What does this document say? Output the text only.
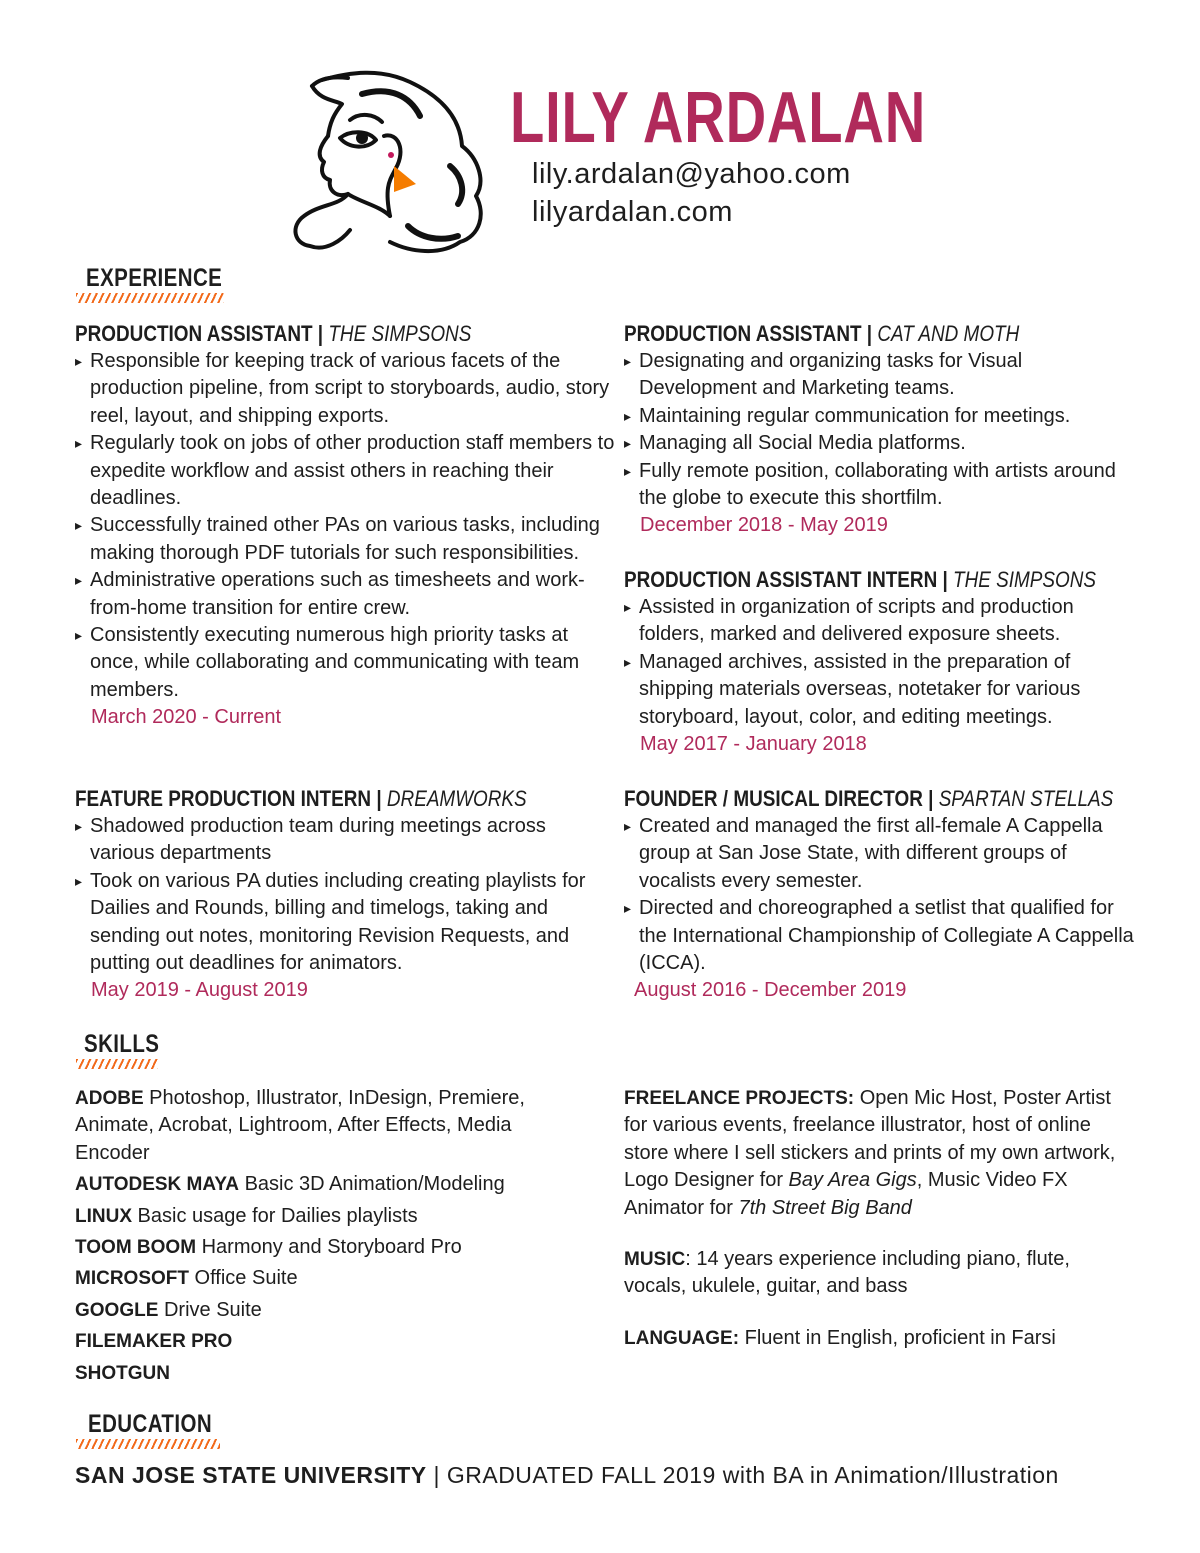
LILY ARDALAN
lily.ardalan@yahoo.com
lilyardalan.com
EXPERIENCE
PRODUCTION ASSISTANT | THE SIMPSONS
▸ Responsible for keeping track of various facets of the production pipeline, from script to storyboards, audio, story reel, layout, and shipping exports.
▸ Regularly took on jobs of other production staff members to expedite workflow and assist others in reaching their deadlines.
▸ Successfully trained other PAs on various tasks, including making thorough PDF tutorials for such responsibilities.
▸ Administrative operations such as timesheets and work-from-home transition for entire crew.
▸ Consistently executing numerous high priority tasks at once, while collaborating and communicating with team members.
March 2020 - Current
FEATURE PRODUCTION INTERN | DREAMWORKS
▸ Shadowed production team during meetings across various departments
▸ Took on various PA duties including creating playlists for Dailies and Rounds, billing and timelogs, taking and sending out notes, monitoring Revision Requests, and putting out deadlines for animators.
May 2019 - August 2019
PRODUCTION ASSISTANT | CAT AND MOTH
▸ Designating and organizing tasks for Visual Development and Marketing teams.
▸ Maintaining regular communication for meetings.
▸ Managing all Social Media platforms.
▸ Fully remote position, collaborating with artists around the globe to execute this shortfilm.
December 2018 - May 2019
PRODUCTION ASSISTANT INTERN | THE SIMPSONS
▸ Assisted in organization of scripts and production folders, marked and delivered exposure sheets.
▸ Managed archives, assisted in the preparation of shipping materials overseas, notetaker for various storyboard, layout, color, and editing meetings.
May 2017 - January 2018
FOUNDER / MUSICAL DIRECTOR | SPARTAN STELLAS
▸ Created and managed the first all-female A Cappella group at San Jose State, with different groups of vocalists every semester.
▸ Directed and choreographed a setlist that qualified for the International Championship of Collegiate A Cappella (ICCA).
August 2016 - December 2019
SKILLS
ADOBE Photoshop, Illustrator, InDesign, Premiere, Animate, Acrobat, Lightroom, After Effects, Media Encoder
AUTODESK MAYA Basic 3D Animation/Modeling
LINUX Basic usage for Dailies playlists
TOOM BOOM Harmony and Storyboard Pro
MICROSOFT Office Suite
GOOGLE Drive Suite
FILEMAKER PRO
SHOTGUN
FREELANCE PROJECTS: Open Mic Host, Poster Artist for various events, freelance illustrator, host of online store where I sell stickers and prints of my own artwork, Logo Designer for Bay Area Gigs, Music Video FX Animator for 7th Street Big Band
MUSIC: 14 years experience including piano, flute, vocals, ukulele, guitar, and bass
LANGUAGE: Fluent in English, proficient in Farsi
EDUCATION
SAN JOSE STATE UNIVERSITY | GRADUATED FALL 2019 with BA in Animation/Illustration
